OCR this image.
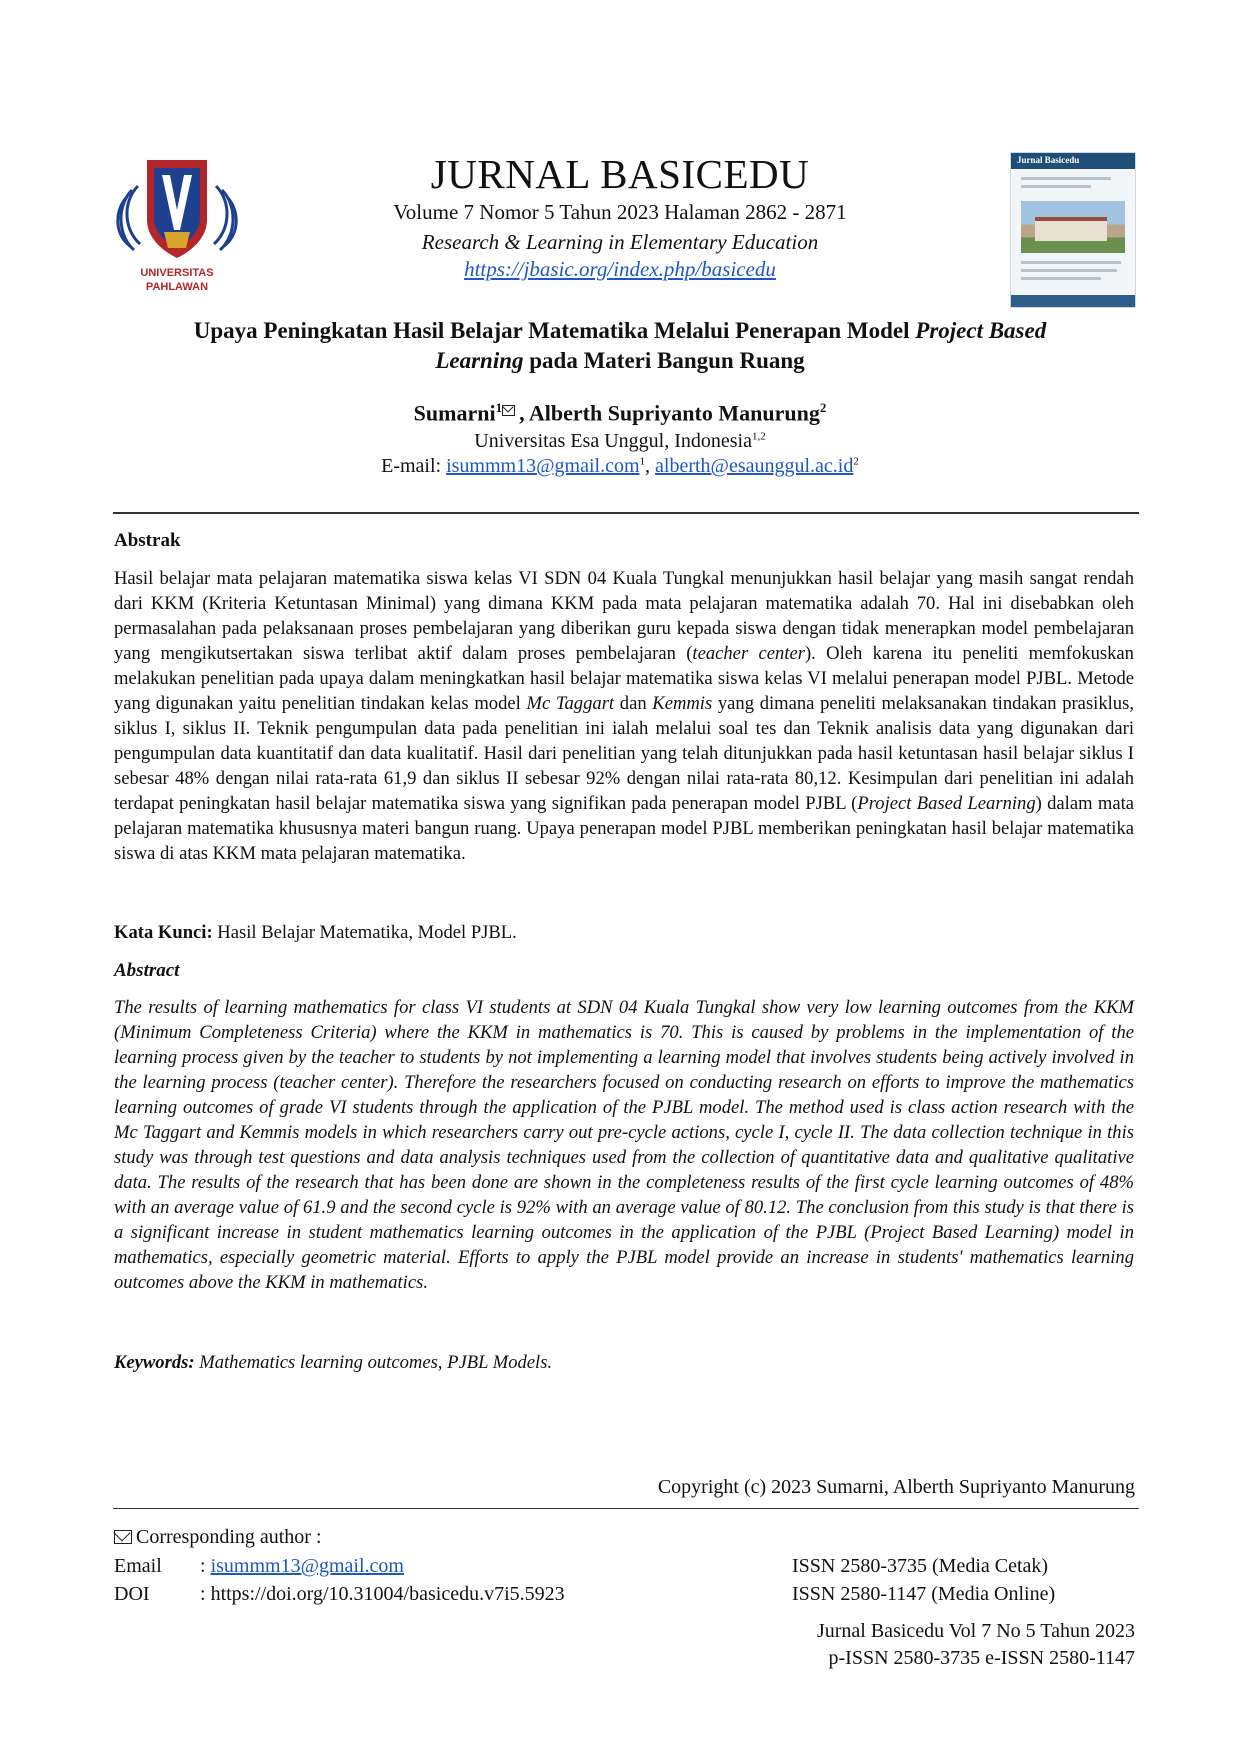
UNIVERSITAS
PAHLAWAN
Jurnal Basicedu
JURNAL BASICEDU
Volume 7 Nomor 5 Tahun 2023 Halaman 2862 - 2871
Research & Learning in Elementary Education
https://jbasic.org/index.php/basicedu
Upaya Peningkatan Hasil Belajar Matematika Melalui Penerapan Model Project Based
Learning pada Materi Bangun Ruang
Sumarni$^1$ , Alberth Supriyanto Manurung$^2$
Universitas Esa Unggul, Indonesia$^{1,2}$
E-mail: isummm13@gmail.com$^1$, $alberth@esaunggul.ac.id^2$
Abstrak

Hasil belajar mata pelajaran matematika siswa kelas VI SDN 04 Kuala Tungkal menunjukkan hasil belajar yang masih sangat rendah dari KKM (Kriteria Ketuntasan Minimal) yang dimana KKM pada mata pelajaran matematika adalah 70. Hal ini disebabkan oleh permasalahan pada pelaksanaan proses pembelajaran yang diberikan guru kepada siswa dengan tidak menerapkan model pembelajaran yang mengikutsertakan siswa terlibat aktif dalam proses pembelajaran (teacher center). Oleh karena itu peneliti memfokuskan melakukan penelitian pada upaya dalam meningkatkan hasil belajar matematika siswa kelas VI melalui penerapan model PJBL. Metode yang digunakan yaitu penelitian tindakan kelas model Mc Taggart dan Kemmis yang dimana peneliti melaksanakan tindakan prasiklus, siklus I, siklus II. Teknik pengumpulan data pada penelitian ini ialah melalui soal tes dan Teknik analisis data yang digunakan dari pengumpulan data kuantitatif dan data kualitatif. Hasil dari penelitian yang telah ditunjukkan pada hasil ketuntasan hasil belajar siklus I sebesar 48% dengan nilai rata-rata 61,9 dan siklus II sebesar 92% dengan nilai rata-rata 80,12. Kesimpulan dari penelitian ini adalah terdapat peningkatan hasil belajar matematika siswa yang signifikan pada penerapan model PJBL (Project Based Learning) dalam mata pelajaran matematika khususnya materi bangun ruang. Upaya penerapan model PJBL memberikan peningkatan hasil belajar matematika siswa di atas KKM mata pelajaran matematika.

Kata Kunci: Hasil Belajar Matematika, Model PJBL.
Abstract

The results of learning mathematics for class VI students at SDN 04 Kuala Tungkal show very low learning outcomes from the KKM (Minimum Completeness Criteria) where the KKM in mathematics is 70. This is caused by problems in the implementation of the learning process given by the teacher to students by not implementing a learning model that involves students being actively involved in the learning process (teacher center). Therefore the researchers focused on conducting research on efforts to improve the mathematics learning outcomes of grade VI students through the application of the PJBL model. The method used is class action research with the Mc Taggart and Kemmis models in which researchers carry out pre-cycle actions, cycle I, cycle II. The data collection technique in this study was through test questions and data analysis techniques used from the collection of quantitative data and qualitative qualitative data. The results of the research that has been done are shown in the completeness results of the first cycle learning outcomes of 48% with an average value of 61.9 and the second cycle is 92% with an average value of 80.12. The conclusion from this study is that there is a significant increase in student mathematics learning outcomes in the application of the PJBL (Project Based Learning) model in mathematics, especially geometric material. Efforts to apply the PJBL model provide an increase in students' mathematics learning outcomes above the KKM in mathematics.

Keywords: Mathematics learning outcomes, PJBL Models.
Copyright (c) 2023 Sumarni, Alberth Supriyanto Manurung
Corresponding author :
Email : isummm13@gmail.com
DOI	: https://doi.org/10.31004/basicedu.v7i5.5923
ISSN 2580-3735 (Media Cetak)
ISSN 2580-1147 (Media Online)
Jurnal Basicedu Vol 7 No 5 Tahun 2023
p-ISSN 2580-3735 e-ISSN 2580-1147
